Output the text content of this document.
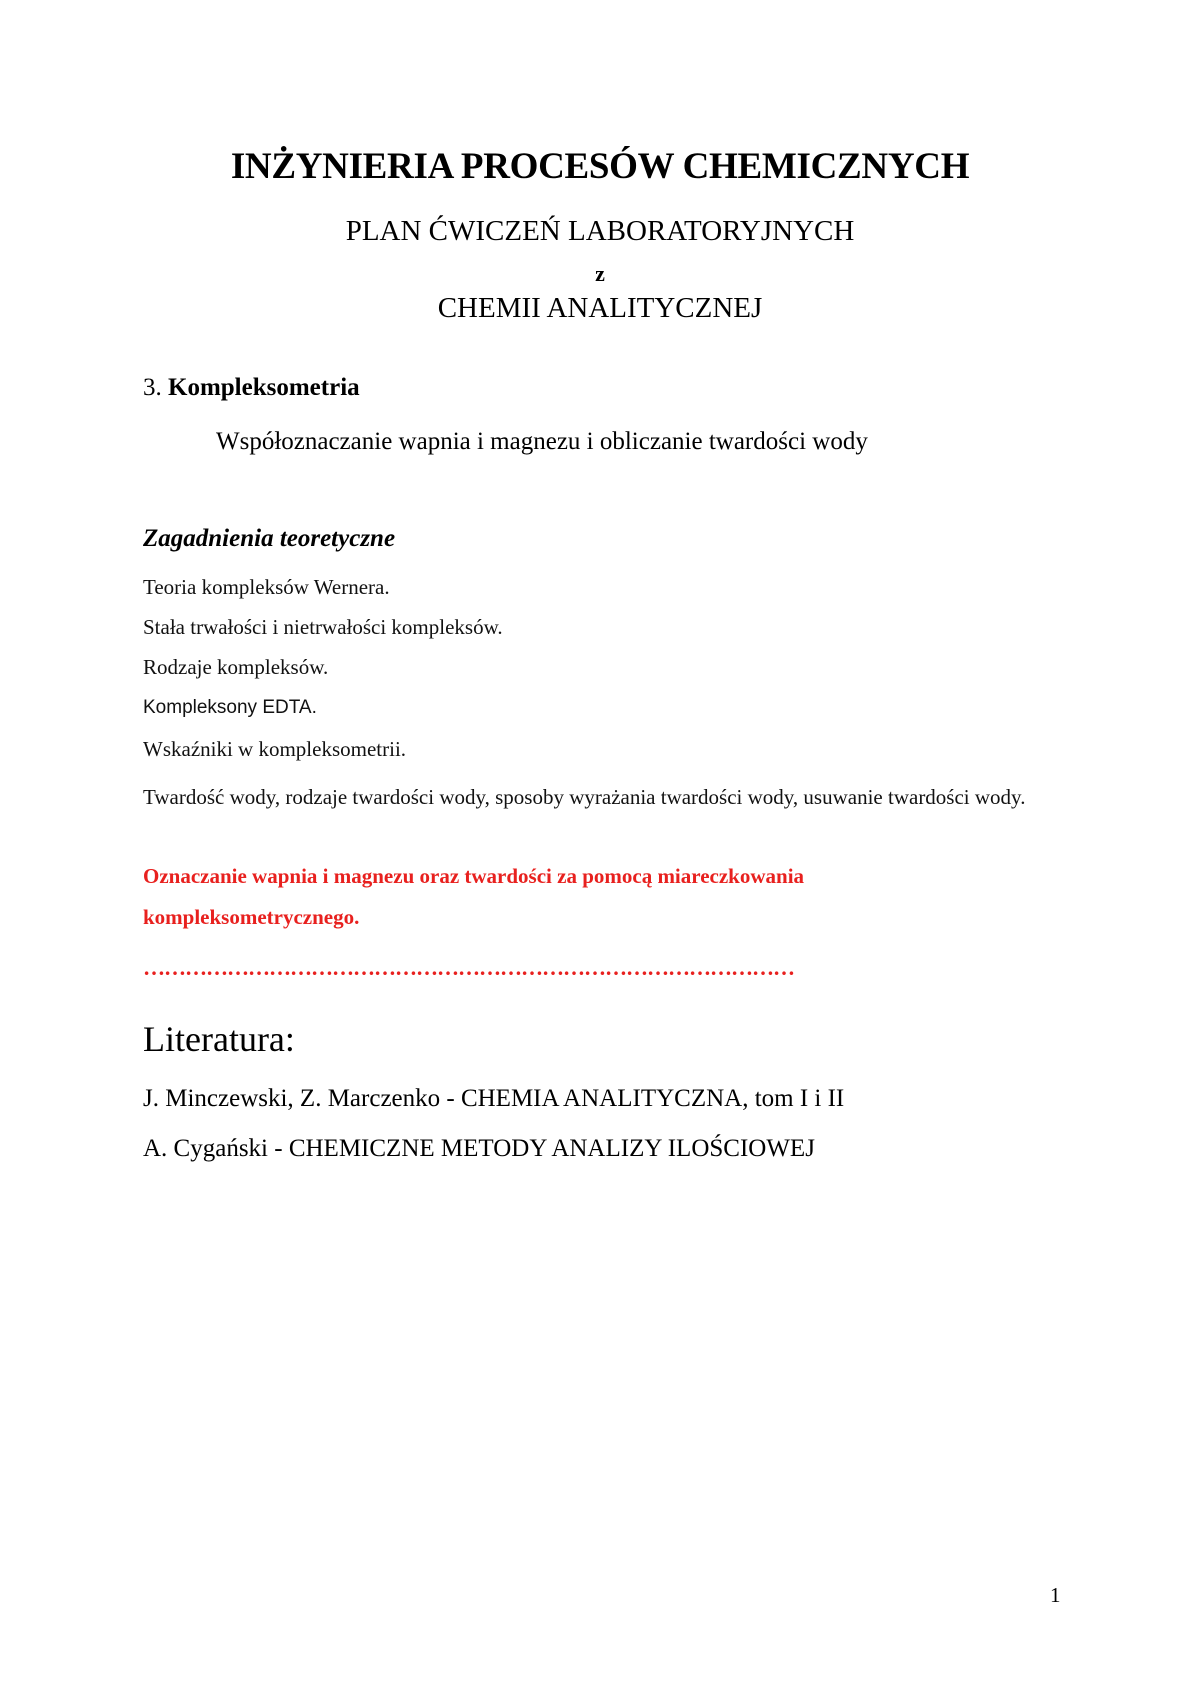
INŻYNIERIA PROCESÓW CHEMICZNYCH
PLAN ĆWICZEŃ LABORATORYJNYCH
z
CHEMII ANALITYCZNEJ
3. Kompleksometria
Współoznaczanie wapnia i magnezu i obliczanie twardości wody
Zagadnienia teoretyczne
Teoria kompleksów Wernera.
Stała trwałości i nietrwałości kompleksów.
Rodzaje kompleksów.
Kompleksony EDTA.
Wskaźniki w kompleksometrii.
Twardość wody, rodzaje twardości wody, sposoby wyrażania twardości wody, usuwanie twardości wody.
Oznaczanie wapnia i magnezu oraz twardości za pomocą miareczkowania
kompleksometrycznego.
…………………………………………………………………………………
Literatura:
J. Minczewski, Z. Marczenko - CHEMIA ANALITYCZNA, tom I i II
A. Cygański - CHEMICZNE METODY ANALIZY ILOŚCIOWEJ
1
